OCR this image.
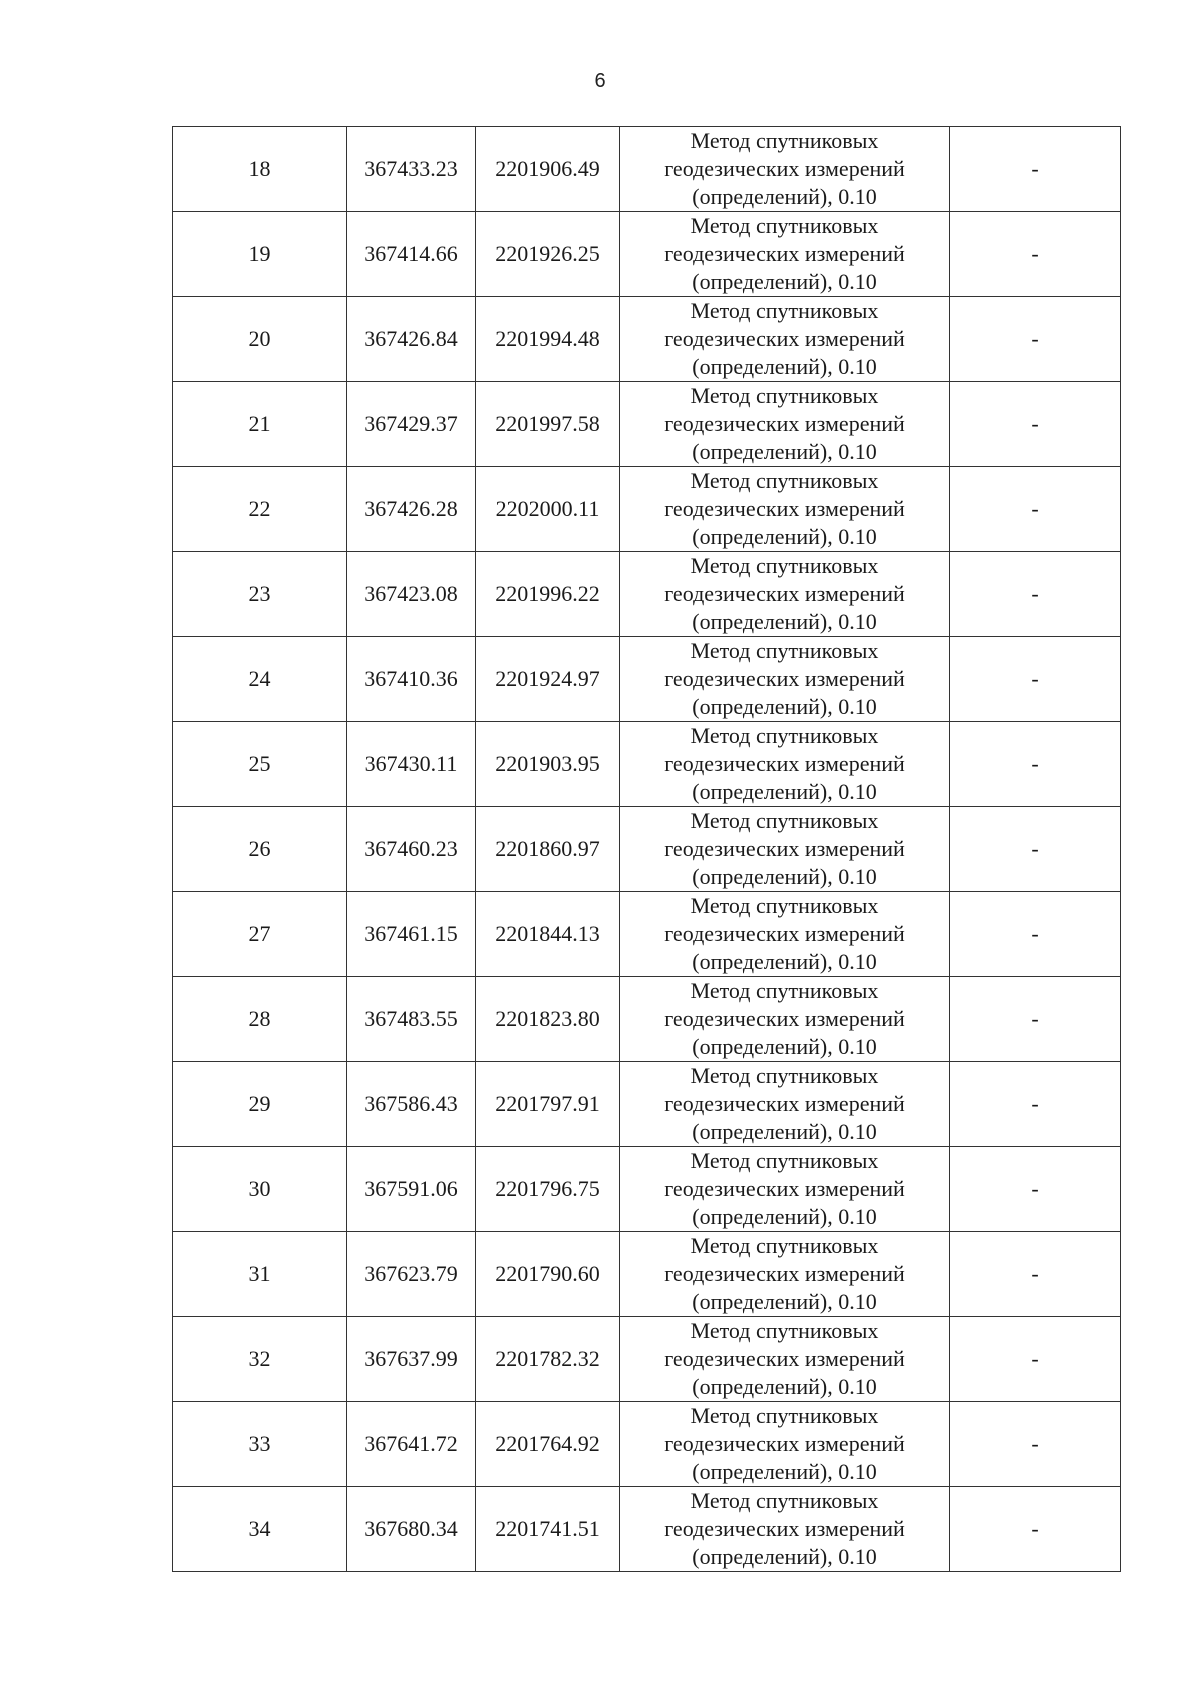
6
18	367433.23	2201906.49	Метод спутниковых
геодезических измерений
(определений), 0.10	-
19	367414.66	2201926.25	Метод спутниковых
геодезических измерений
(определений), 0.10	-
20	367426.84	2201994.48	Метод спутниковых
геодезических измерений
(определений), 0.10	-
21	367429.37	2201997.58	Метод спутниковых
геодезических измерений
(определений), 0.10	-
22	367426.28	2202000.11	Метод спутниковых
геодезических измерений
(определений), 0.10	-
23	367423.08	2201996.22	Метод спутниковых
геодезических измерений
(определений), 0.10	-
24	367410.36	2201924.97	Метод спутниковых
геодезических измерений
(определений), 0.10	-
25	367430.11	2201903.95	Метод спутниковых
геодезических измерений
(определений), 0.10	-
26	367460.23	2201860.97	Метод спутниковых
геодезических измерений
(определений), 0.10	-
27	367461.15	2201844.13	Метод спутниковых
геодезических измерений
(определений), 0.10	-
28	367483.55	2201823.80	Метод спутниковых
геодезических измерений
(определений), 0.10	-
29	367586.43	2201797.91	Метод спутниковых
геодезических измерений
(определений), 0.10	-
30	367591.06	2201796.75	Метод спутниковых
геодезических измерений
(определений), 0.10	-
31	367623.79	2201790.60	Метод спутниковых
геодезических измерений
(определений), 0.10	-
32	367637.99	2201782.32	Метод спутниковых
геодезических измерений
(определений), 0.10	-
33	367641.72	2201764.92	Метод спутниковых
геодезических измерений
(определений), 0.10	-
34	367680.34	2201741.51	Метод спутниковых
геодезических измерений
(определений), 0.10	-
